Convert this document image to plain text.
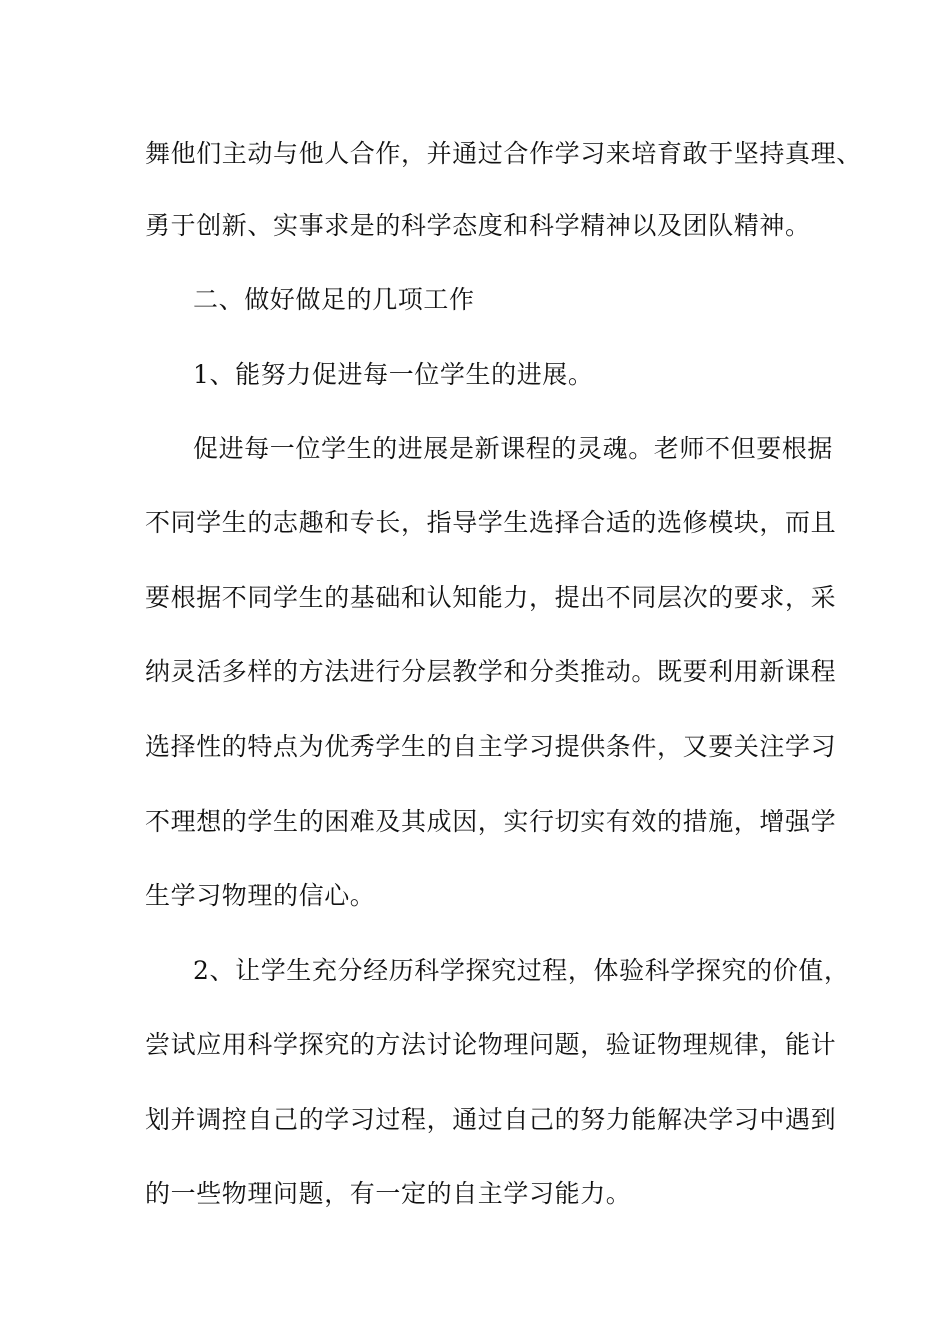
舞他们主动与他人合作，并通过合作学习来培育敢于坚持真理、
勇于创新、实事求是的科学态度和科学精神以及团队精神。
二、做好做足的几项工作
1、能努力促进每一位学生的进展。
促进每一位学生的进展是新课程的灵魂。老师不但要根据
不同学生的志趣和专长，指导学生选择合适的选修模块，而且
要根据不同学生的基础和认知能力，提出不同层次的要求，采
纳灵活多样的方法进行分层教学和分类推动。既要利用新课程
选择性的特点为优秀学生的自主学习提供条件，又要关注学习
不理想的学生的困难及其成因，实行切实有效的措施，增强学
生学习物理的信心。
2、让学生充分经历科学探究过程，体验科学探究的价值，
尝试应用科学探究的方法讨论物理问题，验证物理规律，能计
划并调控自己的学习过程，通过自己的努力能解决学习中遇到
的一些物理问题，有一定的自主学习能力。
